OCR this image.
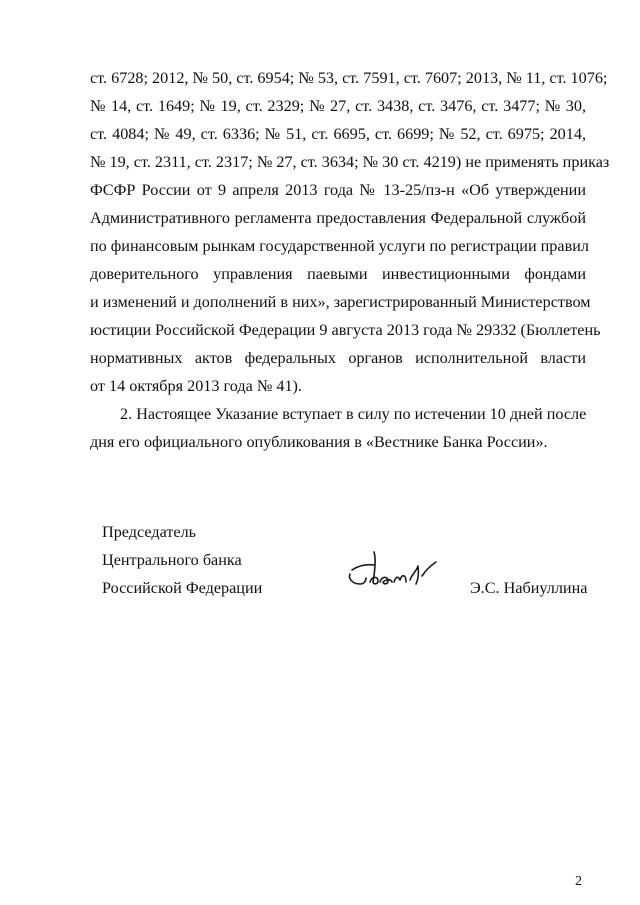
ст. 6728; 2012, № 50, ст. 6954; № 53, ст. 7591, ст. 7607; 2013, № 11, ст. 1076;
№ 14, ст. 1649; № 19, ст. 2329; № 27, ст. 3438, ст. 3476, ст. 3477; № 30,
ст. 4084; № 49, ст. 6336; № 51, ст. 6695, ст. 6699; № 52, ст. 6975; 2014,
№ 19, ст. 2311, ст. 2317; № 27, ст. 3634; № 30 ст. 4219) не применять приказ
ФСФР России от 9 апреля 2013 года № 13-25/пз-н «Об утверждении
Административного регламента предоставления Федеральной службой
по финансовым рынкам государственной услуги по регистрации правил
доверительного управления паевыми инвестиционными фондами
и изменений и дополнений в них», зарегистрированный Министерством
юстиции Российской Федерации 9 августа 2013 года № 29332 (Бюллетень
нормативных актов федеральных органов исполнительной власти
от 14 октября 2013 года № 41).
2. Настоящее Указание вступает в силу по истечении 10 дней после
дня его официального опубликования в «Вестнике Банка России».
Председатель
Центрального банка
Российской Федерации	Э.С. Набиуллина
2
